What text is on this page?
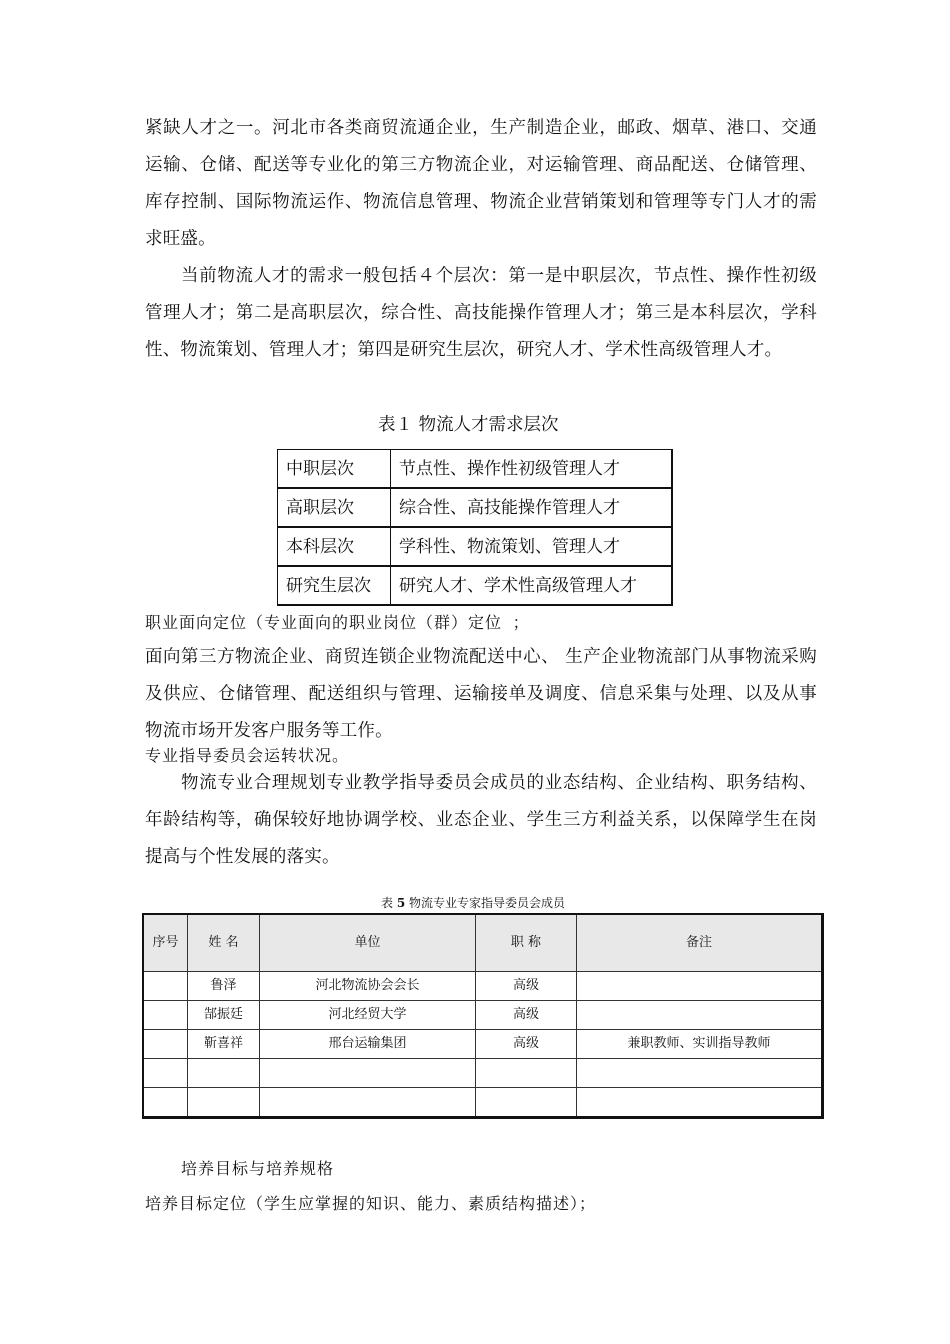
紧缺人才之一。河北市各类商贸流通企业，生产制造企业，邮政、烟草、港口、交通运输、仓储、配送等专业化的第三方物流企业，对运输管理、商品配送、仓储管理、库存控制、国际物流运作、物流信息管理、物流企业营销策划和管理等专门人才的需求旺盛。

当前物流人才的需求一般包括４个层次：第一是中职层次，节点性、操作性初级管理人才；第二是高职层次，综合性、高技能操作管理人才；第三是本科层次，学科性、物流策划、管理人才；第四是研究生层次，研究人才、学术性高级管理人才。

表１ 物流人才需求层次
中职层次	节点性、操作性初级管理人才
高职层次	综合性、高技能操作管理人才
本科层次	学科性、物流策划、管理人才
研究生层次	研究人才、学术性高级管理人才
职业面向定位（专业面向的职业岗位（群）定位 ；

面向第三方物流企业、商贸连锁企业物流配送中心、 生产企业物流部门从事物流采购及供应、仓储管理、配送组织与管理、运输接单及调度、信息采集与处理、以及从事物流市场开发客户服务等工作。

专业指导委员会运转状况。

物流专业合理规划专业教学指导委员会成员的业态结构、企业结构、职务结构、年龄结构等，确保较好地协调学校、业态企业、学生三方利益关系，以保障学生在岗提高与个性发展的落实。

表 5 物流专业专家指导委员会成员
序号	姓 名	单位	职 称	备注
	鲁泽	河北物流协会会长	高级	
	郜振廷	河北经贸大学	高级	
	靳喜祥	邢台运输集团	高级	兼职教师、实训指导教师

培养目标与培养规格
培养目标定位（学生应掌握的知识、能力、素质结构描述）；
